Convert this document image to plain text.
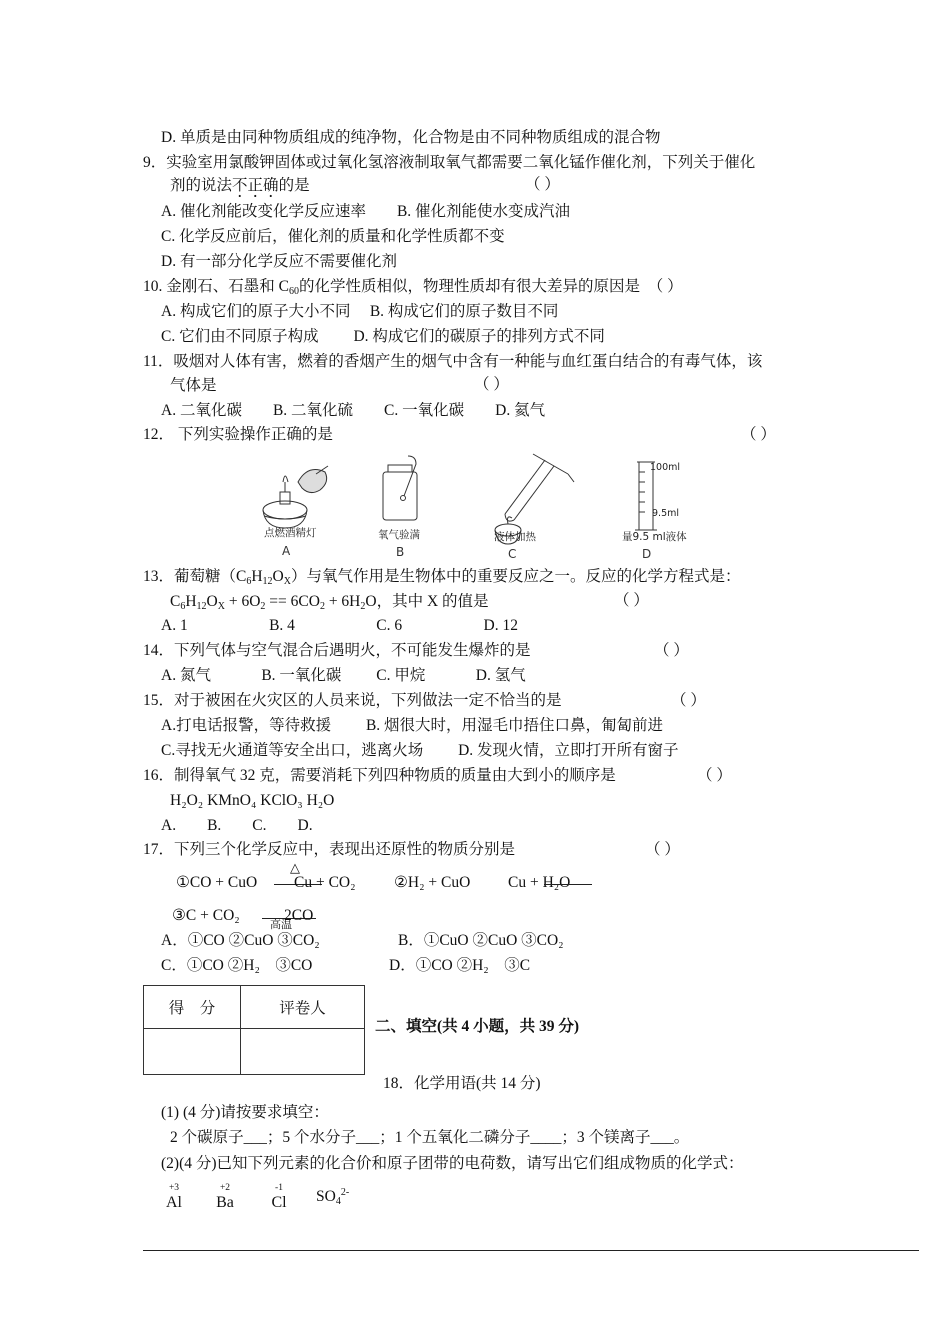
D. 单质是由同种物质组成的纯净物，化合物是由不同种物质组成的混合物
9．实验室用氯酸钾固体或过氧化氢溶液制取氧气都需要二氧化锰作催化剂，下列关于催化
剂的说法不正确的是	（ ）
A. 催化剂能改变化学反应速率　　B. 催化剂能使水变成汽油
C. 化学反应前后，催化剂的质量和化学性质都不变
D. 有一部分化学反应不需要催化剂
10. 金刚石、石墨和 $C_{60}$的化学性质相似，物理性质却有很大差异的原因是　（ ）
A. 构成它们的原子大小不同　 B. 构成它们的原子数目不同
C. 它们由不同原子构成　　 D. 构成它们的碳原子的排列方式不同
11．吸烟对人体有害，燃着的香烟产生的烟气中含有一种能与血红蛋白结合的有毒气体，该
气体是	（ ）
A. 二氧化碳　　B. 二氧化硫　　C. 一氧化碳　　D. 氦气
12． 下列实验操作正确的是	（ ）
点燃酒精灯
A
氧气验满
B
液体加热
C
100ml
9.5ml
量9.5 ml液体
D
13．葡萄糖$(C_6H_{12}O_X)$与氧气作用是生物体中的重要反应之一。反应的化学方程式是：
$C_6H_{12}O_X + 6O_2 == 6CO_2 + 6H_2O$，其中 X 的值是	（ ）
A. 1　　　　　 B. 4　　　　　 C. 6　　　　　 D. 12
14．下列气体与空气混合后遇明火，不可能发生爆炸的是	（ ）
A. 氮气　　　 B. 一氧化碳　　 C. 甲烷　　　 D. 氢气
15．对于被困在火灾区的人员来说，下列做法一定不恰当的是	（ ）
A.打电话报警，等待救援　　 B. 烟很大时，用湿毛巾捂住口鼻，匍匐前进
C.寻找无火通道等安全出口，逃离火场　　 D. 发现火情，立即打开所有窗子
16．制得氧气 32 克，需要消耗下列四种物质的质量由大到小的顺序是	（ ）
H₂O₂ KMnO₄ KClO₃ H₂O
A.　　B.　　C.　　D.
17．下列三个化学反应中，表现出还原性的物质分别是	（ ）
①CO + CuO
△
Cu + CO₂ ②H₂ + CuO Cu + H₂O
③C + CO₂
高温
2CO
A．①CO ②CuO ③CO₂	B．①CuO ②CuO ③CO₂
C．①CO ②H₂　③CO	D．①CO ②H₂　③C
得　分	评卷人

二、填空(共 4 小题，共 39 分)
18．化学用语(共 14 分)
(1) (4 分)请按要求填空：
2 个碳原子___；5 个水分子___；1 个五氧化二磷分子____；3 个镁离子___。
(2)(4 分)已知下列元素的化合价和原子团带的电荷数，请写出它们组成物质的化学式：
+3
Al
+2
Ba
-1
Cl $SO_4^{2-}$
